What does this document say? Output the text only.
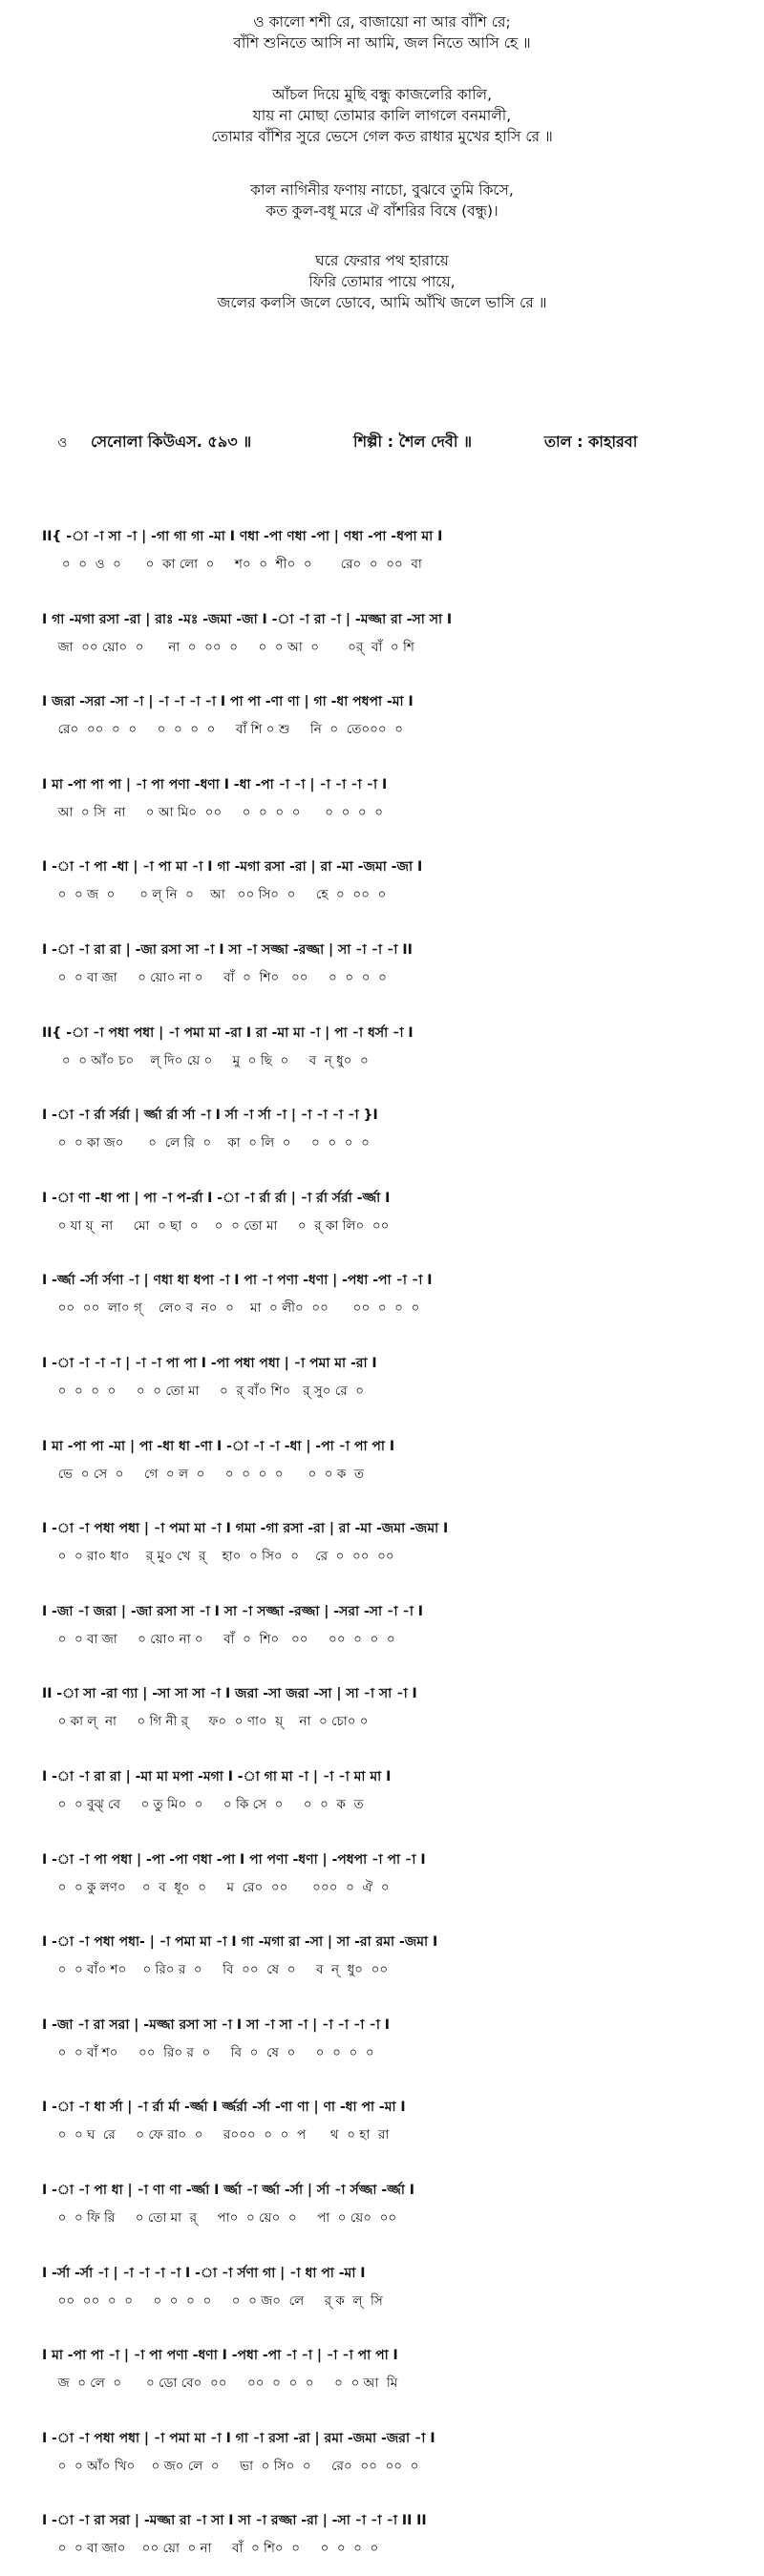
ও কালো শশী রে, বাজায়ো না আর বাঁশি রে;
বাঁশি শুনিতে আসি না আমি, জল নিতে আসি হে ॥
আঁচল দিয়ে মুছি বন্ধু কাজলেরি কালি,
যায় না মোছা তোমার কালি লাগলে বনমালী,
তোমার বাঁশির সুরে ভেসে গেল কত রাধার মুখের হাসি রে ॥
কাল নাগিনীর ফণায় নাচো, বুঝবে তুমি কিসে,
কত কুল-বধূ মরে ঐ বাঁশরির বিষে (বন্ধু)।
ঘরে ফেরার পথ হারায়ে
ফিরি তোমার পায়ে পায়ে,
জলের কলসি জলে ডোবে, আমি আঁখি জলে ভাসি রে ॥
ও সেনোলা কিউএস. ৫৯৩ ॥	শিল্পী : শৈল দেবী ॥	তাল : কাহারবা
II{ -া -া সা -া | -গা গা গা -মা I ণধা -পা ণধা -পা | ণধা -পা -ধপা মা I
০  ০  ও  ০      ০  কা লো  ০     শ০  ০  শী০  ০       রে০  ০  ০০  বা
I গা -মগা রসা -রা | রাঃ -মঃ -জমা -জা I -া -া রা -া | -মজ্জা রা -সা সা I
জা  ০০ য়ো০  ০      না  ০  ০০  ০     ০  ০ আ  ০       ০র্  বাঁ  ০ শি
I জরা -সরা -সা -া | -া -া -া -া I পা পা -ণা ণা | গা -ধা পধপা -মা I
রে০  ০০  ০  ০     ০  ০  ০  ০     বাঁ শি ০ শু     নি  ০  তে০০০  ০
I মা -পা পা পা | -া পা পণা -ধণা I -ধা -পা -া -া | -া -া -া -া I
আ  ০ সি  না     ০ আ মি০  ০০     ০  ০  ০  ০      ০  ০  ০  ০
I -া -া পা -ধা | -া পা মা -া I গা -মগা রসা -রা | রা -মা -জমা -জা I
০  ০ জ  ০      ০ ল্ নি  ০    আ   ০০ সি০  ০     হে  ০  ০০  ০
I -া -া রা রা | -জা রসা সা -া I সা -া সজ্জা -রজ্জা | সা -া -া -া II
০  ০ বা জা     ০ য়ো০ না ০     বাঁ  ০  শি০   ০০     ০  ০  ০  ০
II{ -া -া পধা পধা | -া পমা মা -রা I রা -মা মা -া | পা -া ধর্সা -া I
০  ০ আঁ০ চ০    ল্ দি০ য়ে ০     মু  ০ ছি  ০     ব  ন্ ধু০  ০
I -া -া র্রা র্সর্রা | র্জ্জা র্রা র্সা -া I র্সা -া র্সা -া | -া -া -া -া }I
০  ০ কা জ০      ০  লে রি  ০    কা  ০ লি  ০     ০  ০  ০  ০
I -া ণা -ধা পা | পা -া প-র্রা I -া -া র্রা র্রা | -া র্রা র্সর্রা -র্জ্জা I
০ যা য়্  না     মো  ০ ছা  ০    ০  ০ তো মা     ০  র্ কা লি০  ০০
I -র্জ্জা -র্সা র্সণা -া | ণধা ধা ধপা -া I পা -া পণা -ধণা | -পধা -পা -া -া I
০০  ০০  লা০ গ্    লে০ ব  ন০  ০    মা  ০ লী০  ০০      ০০  ০  ০  ০
I -া -া -া -া | -া -া পা পা I -পা পধা পধা | -া পমা মা -রা I
০  ০  ০  ০     ০  ০ তো মা     ০  র্ বাঁ০ শি০   র্ সু০ রে  ০
I মা -পা পা -মা | পা -ধা ধা -ণা I -া -া -া -ধা | -পা -া পা পা I
ভে  ০ সে  ০     গে  ০ ল  ০     ০  ০  ০  ০      ০  ০ ক  ত
I -া -া পধা পধা | -া পমা মা -া I গমা -গা রসা -রা | রা -মা -জমা -জমা I
০  ০ রা০ ধা০    র্ মু০ খে  র্    হা০  ০ সি০  ০    রে  ০  ০০  ০০
I -জা -া জরা | -জা রসা সা -া I সা -া সজ্জা -রজ্জা | -সরা -সা -া -া I
০  ০ বা জা     ০ য়ো০ না ০     বাঁ  ০  শি০   ০০     ০০  ০  ০  ০
II -া সা -রা ণ্যা | -সা সা সা -া I জরা -সা জরা -সা | সা -া সা -া I
০ কা ল্  না     ০ গি নী র্     ফ০  ০ ণা০  য়্    না  ০ চো০ ০
I -া -া রা রা | -মা মা মপা -মগা I -া গা মা -া | -া -া মা মা I
০  ০ বুঝ্ বে     ০ তু মি০  ০     ০ কি সে  ০     ০  ০  ক  ত
I -া -া পা পধা | -পা -পা ণধা -পা I পা পণা -ধণা | -পধপা -া পা -া I
০  ০ কু লণ০    ০  ব  ধূ০  ০     ম  রে০  ০০      ০০০  ০  ঐ  ০
I -া -া পধা পধা- | -া পমা মা -া I গা -মগা রা -সা | সা -রা রমা -জমা I
০  ০ বাঁ০ শ০    ০ রি০ র  ০     বি  ০০  ষে  ০     ব  ন্  ধু০  ০০
I -জা -া রা সরা | -মজ্জা রসা সা -া I সা -া সা -া | -া -া -া -া I
০  ০ বাঁ শ০     ০০  রি০ র  ০     বি  ০  ষে  ০     ০  ০  ০  ০
I -া -া ধা র্সা | -া র্রা র্মা -র্জ্জা I র্জ্জর্রা -র্সা -ণা ণা | ণা -ধা পা -মা I
০  ০ ঘ  রে     ০ ফে রা০  ০     র০০০  ০  ০  প      থ  ০ হা  রা
I -া -া পা ধা | -া ণা ণা -র্জ্জা I র্জ্জা -া র্জ্জা -র্সা | র্সা -া র্সজ্জা -র্জ্জা I
০  ০ ফি রি     ০ তো মা  র্     পা০  ০ য়ে০  ০     পা  ০ য়ে০  ০০
I -র্সা -র্সা -া | -া -া -া -া I -া -া র্সণা গা | -া ধা পা -মা I
০০  ০০  ০  ০     ০  ০  ০  ০     ০  ০ জ০  লে     র্ ক  ল্  সি
I মা -পা পা -া | -া পা পণা -ধণা I -পধা -পা -া -া | -া -া পা পা I
জ  ০ লে  ০      ০ ডো বে০  ০০     ০০  ০  ০  ০     ০  ০ আ  মি
I -া -া পধা পধা | -া পমা মা -া I গা -া রসা -রা | রমা -জমা -জরা -া I
০  ০ আঁ০ খি০    ০ জ০ লে  ০     ভা  ০ সি০  ০     রে০  ০০  ০০  ০
I -া -া রা সরা | -মজ্জা রা -া সা I সা -া রজ্জা -রা | -সা -া -া -া II II
০  ০ বা জা০    ০০ য়ো  ০ না     বাঁ  ০ শি০  ০     ০  ০  ০  ০
